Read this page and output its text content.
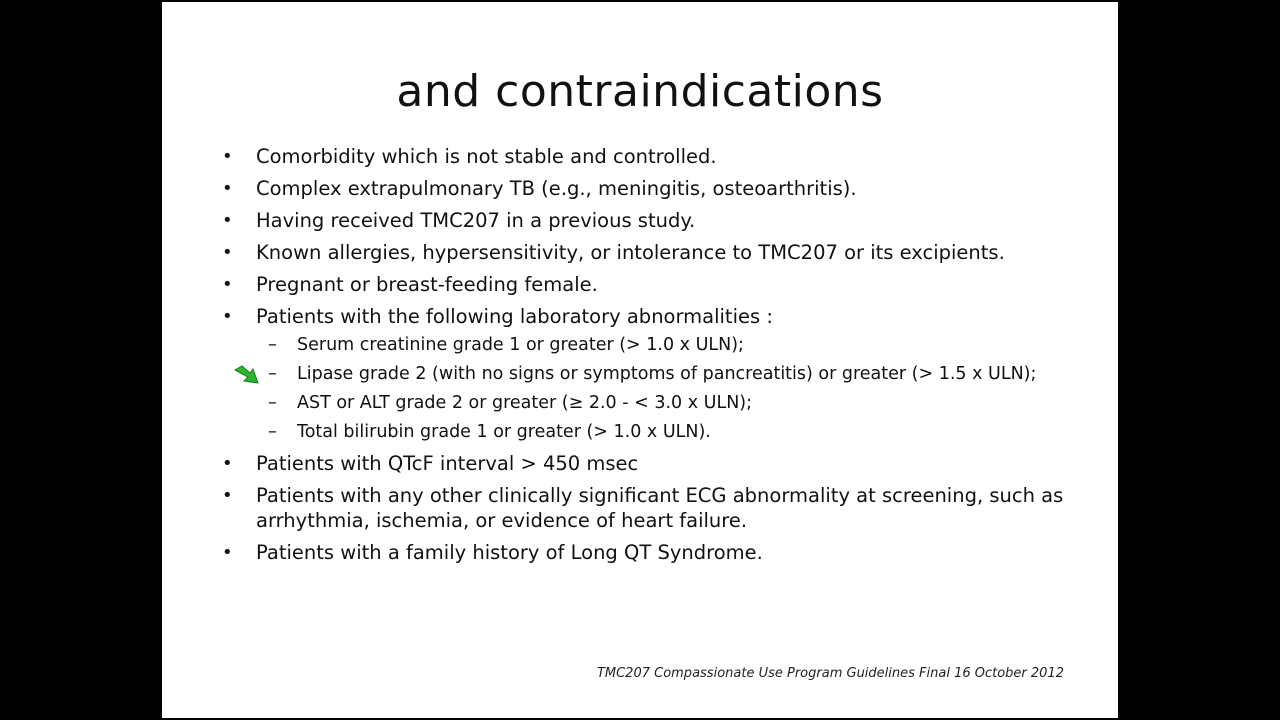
and contraindications
• Comorbidity which is not stable and controlled.
• Complex extrapulmonary TB (e.g., meningitis, osteoarthritis).
• Having received TMC207 in a previous study.
• Known allergies, hypersensitivity, or intolerance to TMC207 or its excipients.
• Pregnant or breast-feeding female.
• Patients with the following laboratory abnormalities :
– Serum creatinine grade 1 or greater (> 1.0 x ULN);
– Lipase grade 2 (with no signs or symptoms of pancreatitis) or greater (> 1.5 x ULN);
– AST or ALT grade 2 or greater (≥ 2.0 - < 3.0 x ULN);
– Total bilirubin grade 1 or greater (> 1.0 x ULN).
• Patients with QTcF interval > 450 msec
• Patients with any other clinically significant ECG abnormality at screening, such as arrhythmia, ischemia, or evidence of heart failure.
• Patients with a family history of Long QT Syndrome.
TMC207 Compassionate Use Program Guidelines Final 16 October 2012
